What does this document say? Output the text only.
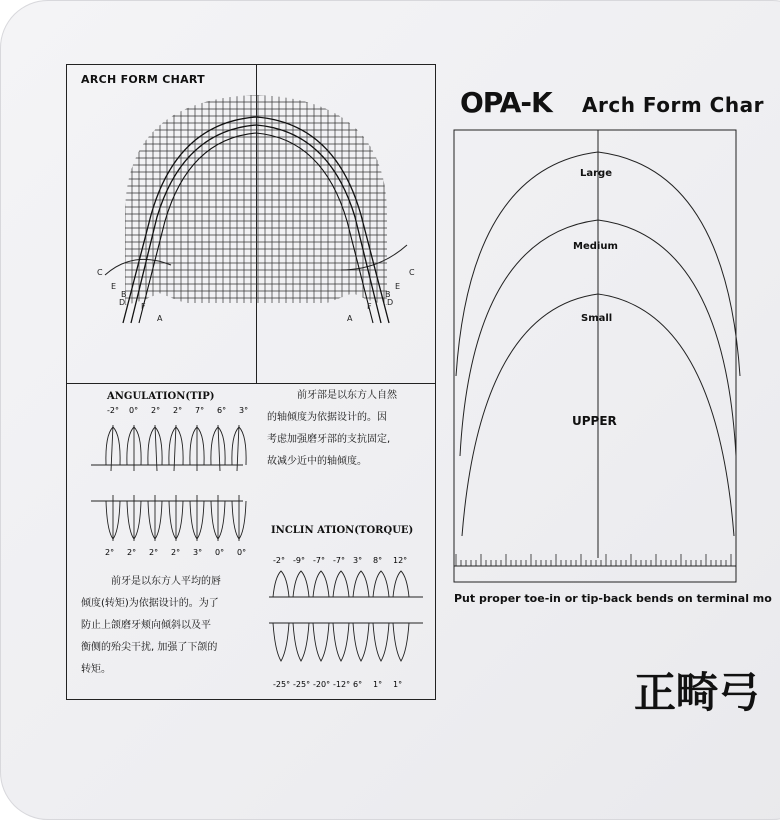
ARCH FORM CHART
C
E
B
D F
A
C
E
B
D
F
A
ANGULATION(TIP)
-2° 0° 2° 2° 7° 6° 3°
2° 2° 2° 2° 3° 0° 0°
前牙部是以东方人自然
的轴倾度为依据设计的。因
考虑加强磨牙部的支抗固定,
故减少近中的轴倾度。
INCLIN ATION(TORQUE)
-2° -9° -7° -7° 3° 8° 12°
-25° -25° -20° -12° 6° 1° 1°
前牙是以东方人平均的唇
倾度(转矩)为依据设计的。为了
防止上颌磨牙颊向倾斜以及平
衡侧的殆尖干扰, 加强了下颌的
转矩。
OPA-K Arch Form Char
Large
Medium
Small
UPPER
Put proper toe-in or tip-back bends on terminal mo
正畸弓
